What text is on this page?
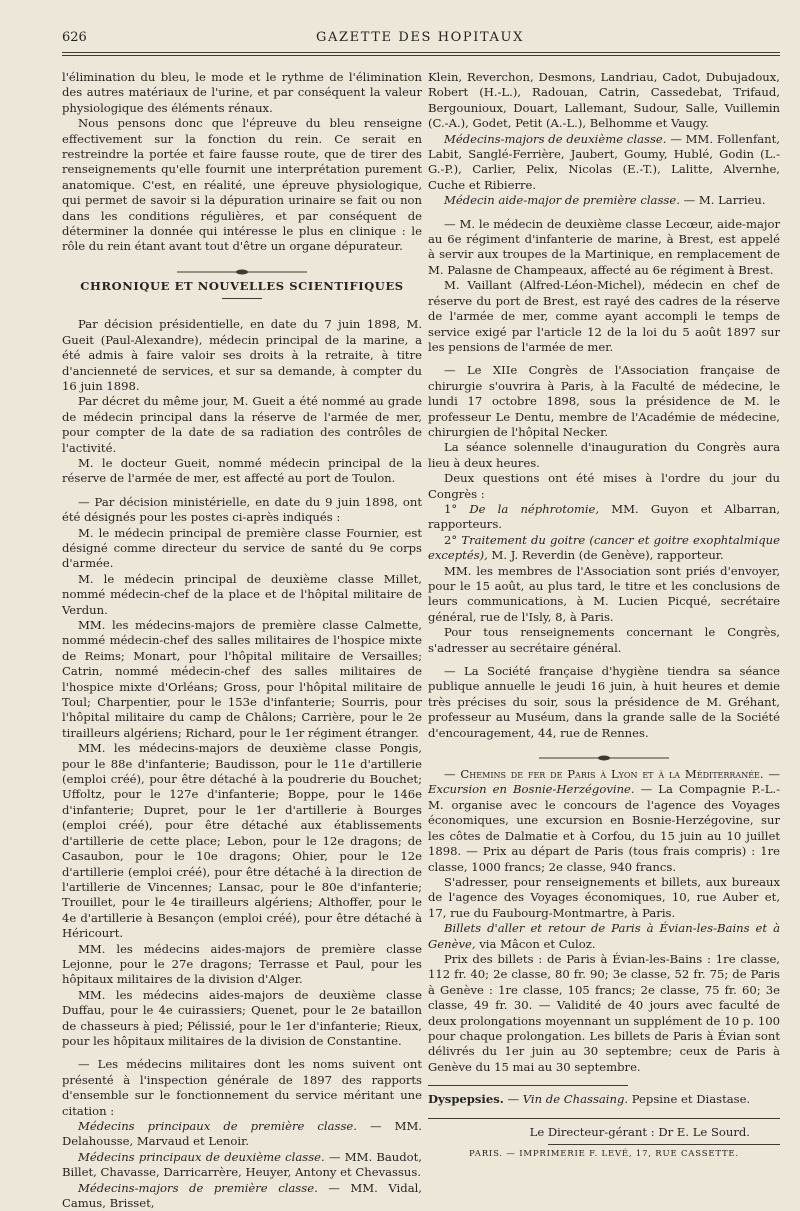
626	GAZETTE DES HOPITAUX

l'élimination du bleu, le mode et le rythme de l'élimination des autres matériaux de l'urine, et par conséquent la valeur physiologique des éléments rénaux.

Nous pensons donc que l'épreuve du bleu renseigne effectivement sur la fonction du rein. Ce serait en restreindre la portée et faire fausse route, que de tirer des renseignements qu'elle fournit une interprétation purement anatomique. C'est, en réalité, une épreuve physiologique, qui permet de savoir si la dépuration urinaire se fait ou non dans les conditions régulières, et par conséquent de déterminer la donnée qui intéresse le plus en clinique : le rôle du rein étant avant tout d'être un organe dépurateur.

CHRONIQUE ET NOUVELLES SCIENTIFIQUES

Par décision présidentielle, en date du 7 juin 1898, M. Gueit (Paul-Alexandre), médecin principal de la marine, a été admis à faire valoir ses droits à la retraite, à titre d'ancienneté de services, et sur sa demande, à compter du 16 juin 1898.

Par décret du même jour, M. Gueit a été nommé au grade de médecin principal dans la réserve de l'armée de mer, pour compter de la date de sa radiation des contrôles de l'activité.

M. le docteur Gueit, nommé médecin principal de la réserve de l'armée de mer, est affecté au port de Toulon.

— Par décision ministérielle, en date du 9 juin 1898, ont été désignés pour les postes ci-après indiqués :

M. le médecin principal de première classe Fournier, est désigné comme directeur du service de santé du 9e corps d'armée.

M. le médecin principal de deuxième classe Millet, nommé médecin-chef de la place et de l'hôpital militaire de Verdun.

MM. les médecins-majors de première classe Calmette, nommé médecin-chef des salles militaires de l'hospice mixte de Reims; Monart, pour l'hôpital militaire de Versailles; Catrin, nommé médecin-chef des salles militaires de l'hospice mixte d'Orléans; Gross, pour l'hôpital militaire de Toul; Charpentier, pour le 153e d'infanterie; Sourris, pour l'hôpital militaire du camp de Châlons; Carrière, pour le 2e tirailleurs algériens; Richard, pour le 1er régiment étranger.

MM. les médecins-majors de deuxième classe Pongis, pour le 88e d'infanterie; Baudisson, pour le 11e d'artillerie (emploi créé), pour être détaché à la poudrerie du Bouchet; Uffoltz, pour le 127e d'infanterie; Boppe, pour le 146e d'infanterie; Dupret, pour le 1er d'artillerie à Bourges (emploi créé), pour être détaché aux établissements d'artillerie de cette place; Lebon, pour le 12e dragons; de Casaubon, pour le 10e dragons; Ohier, pour le 12e d'artillerie (emploi créé), pour être détaché à la direction de l'artillerie de Vincennes; Lansac, pour le 80e d'infanterie; Trouillet, pour le 4e tirailleurs algériens; Althoffer, pour le 4e d'artillerie à Besançon (emploi créé), pour être détaché à Héricourt.

MM. les médecins aides-majors de première classe Lejonne, pour le 27e dragons; Terrasse et Paul, pour les hôpitaux militaires de la division d'Alger.

MM. les médecins aides-majors de deuxième classe Duffau, pour le 4e cuirassiers; Quenet, pour le 2e bataillon de chasseurs à pied; Pélissié, pour le 1er d'infanterie; Rieux, pour les hôpitaux militaires de la division de Constantine.

— Les médecins militaires dont les noms suivent ont présenté à l'inspection générale de 1897 des rapports d'ensemble sur le fonctionnement du service méritant une citation :

Médecins principaux de première classe. — MM. Delahousse, Marvaud et Lenoir.

Médecins principaux de deuxième classe. — MM. Baudot, Billet, Chavasse, Darricarrère, Heuyer, Antony et Chevassus.

Médecins-majors de première classe. — MM. Vidal, Camus, Brisset,

Klein, Reverchon, Desmons, Landriau, Cadot, Dubujadoux, Robert (H.-L.), Radouan, Catrin, Cassedebat, Trifaud, Bergounioux, Douart, Lallemant, Sudour, Salle, Vuillemin (C.-A.), Godet, Petit (A.-L.), Belhomme et Vaugy.

Médecins-majors de deuxième classe. — MM. Follenfant, Labit, Sanglé-Ferrière, Jaubert, Goumy, Hublé, Godin (L.-G.-P.), Carlier, Pelix, Nicolas (E.-T.), Lalitte, Alvernhe, Cuche et Ribierre.

Médecin aide-major de première classe. — M. Larrieu.

— M. le médecin de deuxième classe Lecœur, aide-major au 6e régiment d'infanterie de marine, à Brest, est appelé à servir aux troupes de la Martinique, en remplacement de M. Palasne de Champeaux, affecté au 6e régiment à Brest.

M. Vaillant (Alfred-Léon-Michel), médecin en chef de réserve du port de Brest, est rayé des cadres de la réserve de l'armée de mer, comme ayant accompli le temps de service exigé par l'article 12 de la loi du 5 août 1897 sur les pensions de l'armée de mer.

— Le XIIe Congrès de l'Association française de chirurgie s'ouvrira à Paris, à la Faculté de médecine, le lundi 17 octobre 1898, sous la présidence de M. le professeur Le Dentu, membre de l'Académie de médecine, chirurgien de l'hôpital Necker.

La séance solennelle d'inauguration du Congrès aura lieu à deux heures.

Deux questions ont été mises à l'ordre du jour du Congrès :

1° De la néphrotomie, MM. Guyon et Albarran, rapporteurs.

2° Traitement du goitre (cancer et goitre exophtalmique exceptés), M. J. Reverdin (de Genève), rapporteur.

MM. les membres de l'Association sont priés d'envoyer, pour le 15 août, au plus tard, le titre et les conclusions de leurs communications, à M. Lucien Picqué, secrétaire général, rue de l'Isly, 8, à Paris.

Pour tous renseignements concernant le Congrès, s'adresser au secrétaire général.

— La Société française d'hygiène tiendra sa séance publique annuelle le jeudi 16 juin, à huit heures et demie très précises du soir, sous la présidence de M. Gréhant, professeur au Muséum, dans la grande salle de la Société d'encouragement, 44, rue de Rennes.

— Chemins de fer de Paris à Lyon et à la Méditerranée. — Excursion en Bosnie-Herzégovine. — La Compagnie P.-L.-M. organise avec le concours de l'agence des Voyages économiques, une excursion en Bosnie-Herzégovine, sur les côtes de Dalmatie et à Corfou, du 15 juin au 10 juillet 1898. — Prix au départ de Paris (tous frais compris) : 1re classe, 1000 francs; 2e classe, 940 francs.

S'adresser, pour renseignements et billets, aux bureaux de l'agence des Voyages économiques, 10, rue Auber et, 17, rue du Faubourg-Montmartre, à Paris.

Billets d'aller et retour de Paris à Évian-les-Bains et à Genève, via Mâcon et Culoz.

Prix des billets : de Paris à Évian-les-Bains : 1re classe, 112 fr. 40; 2e classe, 80 fr. 90; 3e classe, 52 fr. 75; de Paris à Genève : 1re classe, 105 francs; 2e classe, 75 fr. 60; 3e classe, 49 fr. 30. — Validité de 40 jours avec faculté de deux prolongations moyennant un supplément de 10 p. 100 pour chaque prolongation. Les billets de Paris à Évian sont délivrés du 1er juin au 30 septembre; ceux de Paris à Genève du 15 mai au 30 septembre.

Dyspepsies. — Vin de Chassaing. Pepsine et Diastase.

Le Directeur-gérant : Dr E. Le Sourd.

PARIS. — IMPRIMERIE F. LEVÉ, 17, RUE CASSETTE.
